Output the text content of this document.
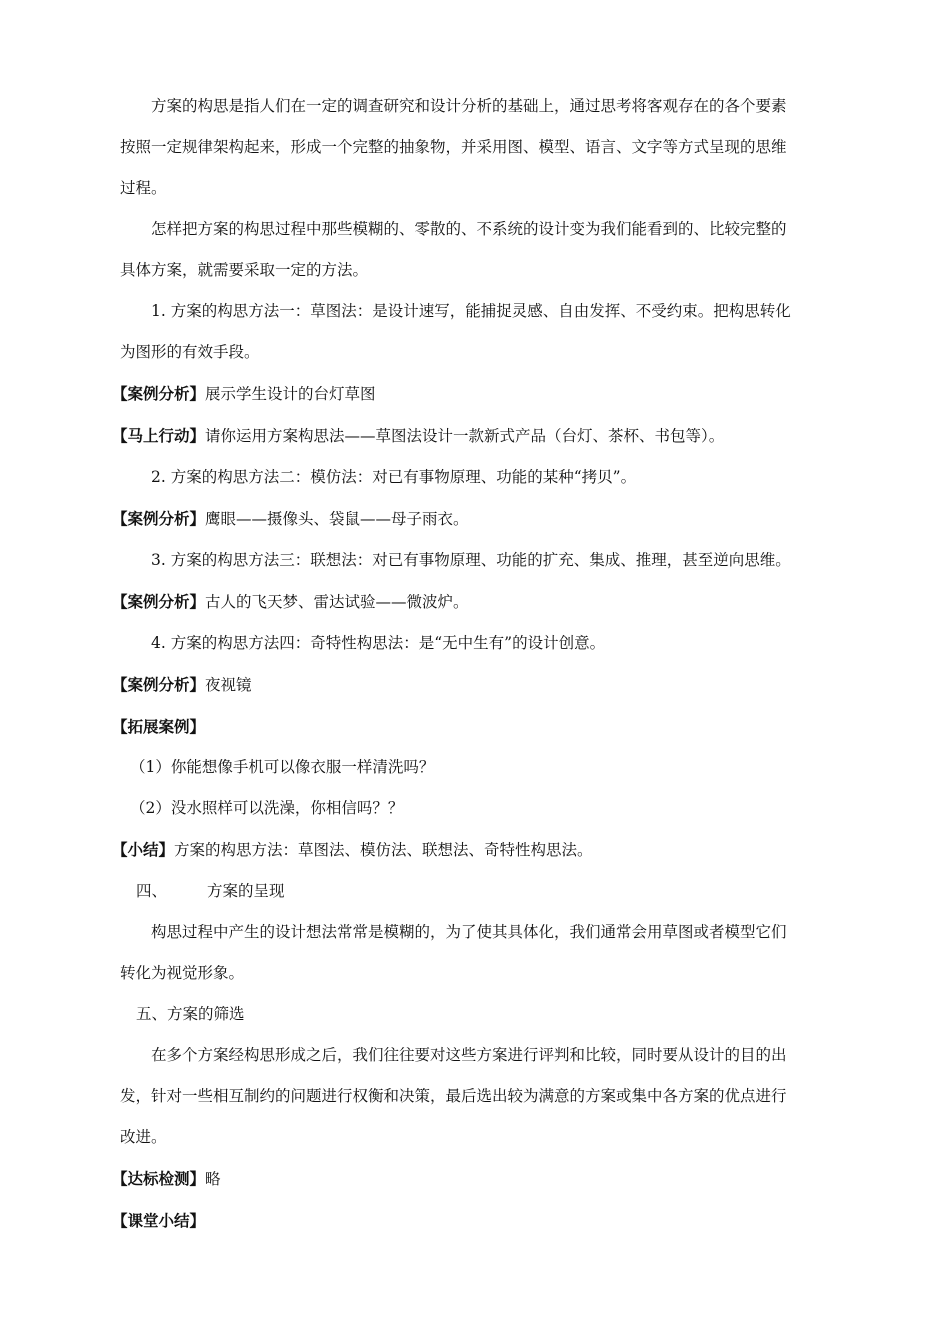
方案的构思是指人们在一定的调查研究和设计分析的基础上，通过思考将客观存在的各个要素按照一定规律架构起来，形成一个完整的抽象物，并采用图、模型、语言、文字等方式呈现的思维过程。

怎样把方案的构思过程中那些模糊的、零散的、不系统的设计变为我们能看到的、比较完整的具体方案，就需要采取一定的方法。

1. 方案的构思方法一：草图法：是设计速写，能捕捉灵感、自由发挥、不受约束。把构思转化为图形的有效手段。

【案例分析】展示学生设计的台灯草图

【马上行动】请你运用方案构思法——草图法设计一款新式产品（台灯、茶杯、书包等）。

2. 方案的构思方法二：模仿法：对已有事物原理、功能的某种“拷贝”。

【案例分析】鹰眼——摄像头、袋鼠——母子雨衣。

3. 方案的构思方法三：联想法：对已有事物原理、功能的扩充、集成、推理，甚至逆向思维。

【案例分析】古人的飞天梦、雷达试验——微波炉。

4. 方案的构思方法四：奇特性构思法：是“无中生有”的设计创意。

【案例分析】夜视镜

【拓展案例】

（1）你能想像手机可以像衣服一样清洗吗？

（2）没水照样可以洗澡，你相信吗？？

【小结】方案的构思方法：草图法、模仿法、联想法、奇特性构思法。

四、	方案的呈现

构思过程中产生的设计想法常常是模糊的，为了使其具体化，我们通常会用草图或者模型它们转化为视觉形象。

五、方案的筛选

在多个方案经构思形成之后，我们往往要对这些方案进行评判和比较，同时要从设计的目的出发，针对一些相互制约的问题进行权衡和决策，最后选出较为满意的方案或集中各方案的优点进行改进。

【达标检测】略

【课堂小结】
